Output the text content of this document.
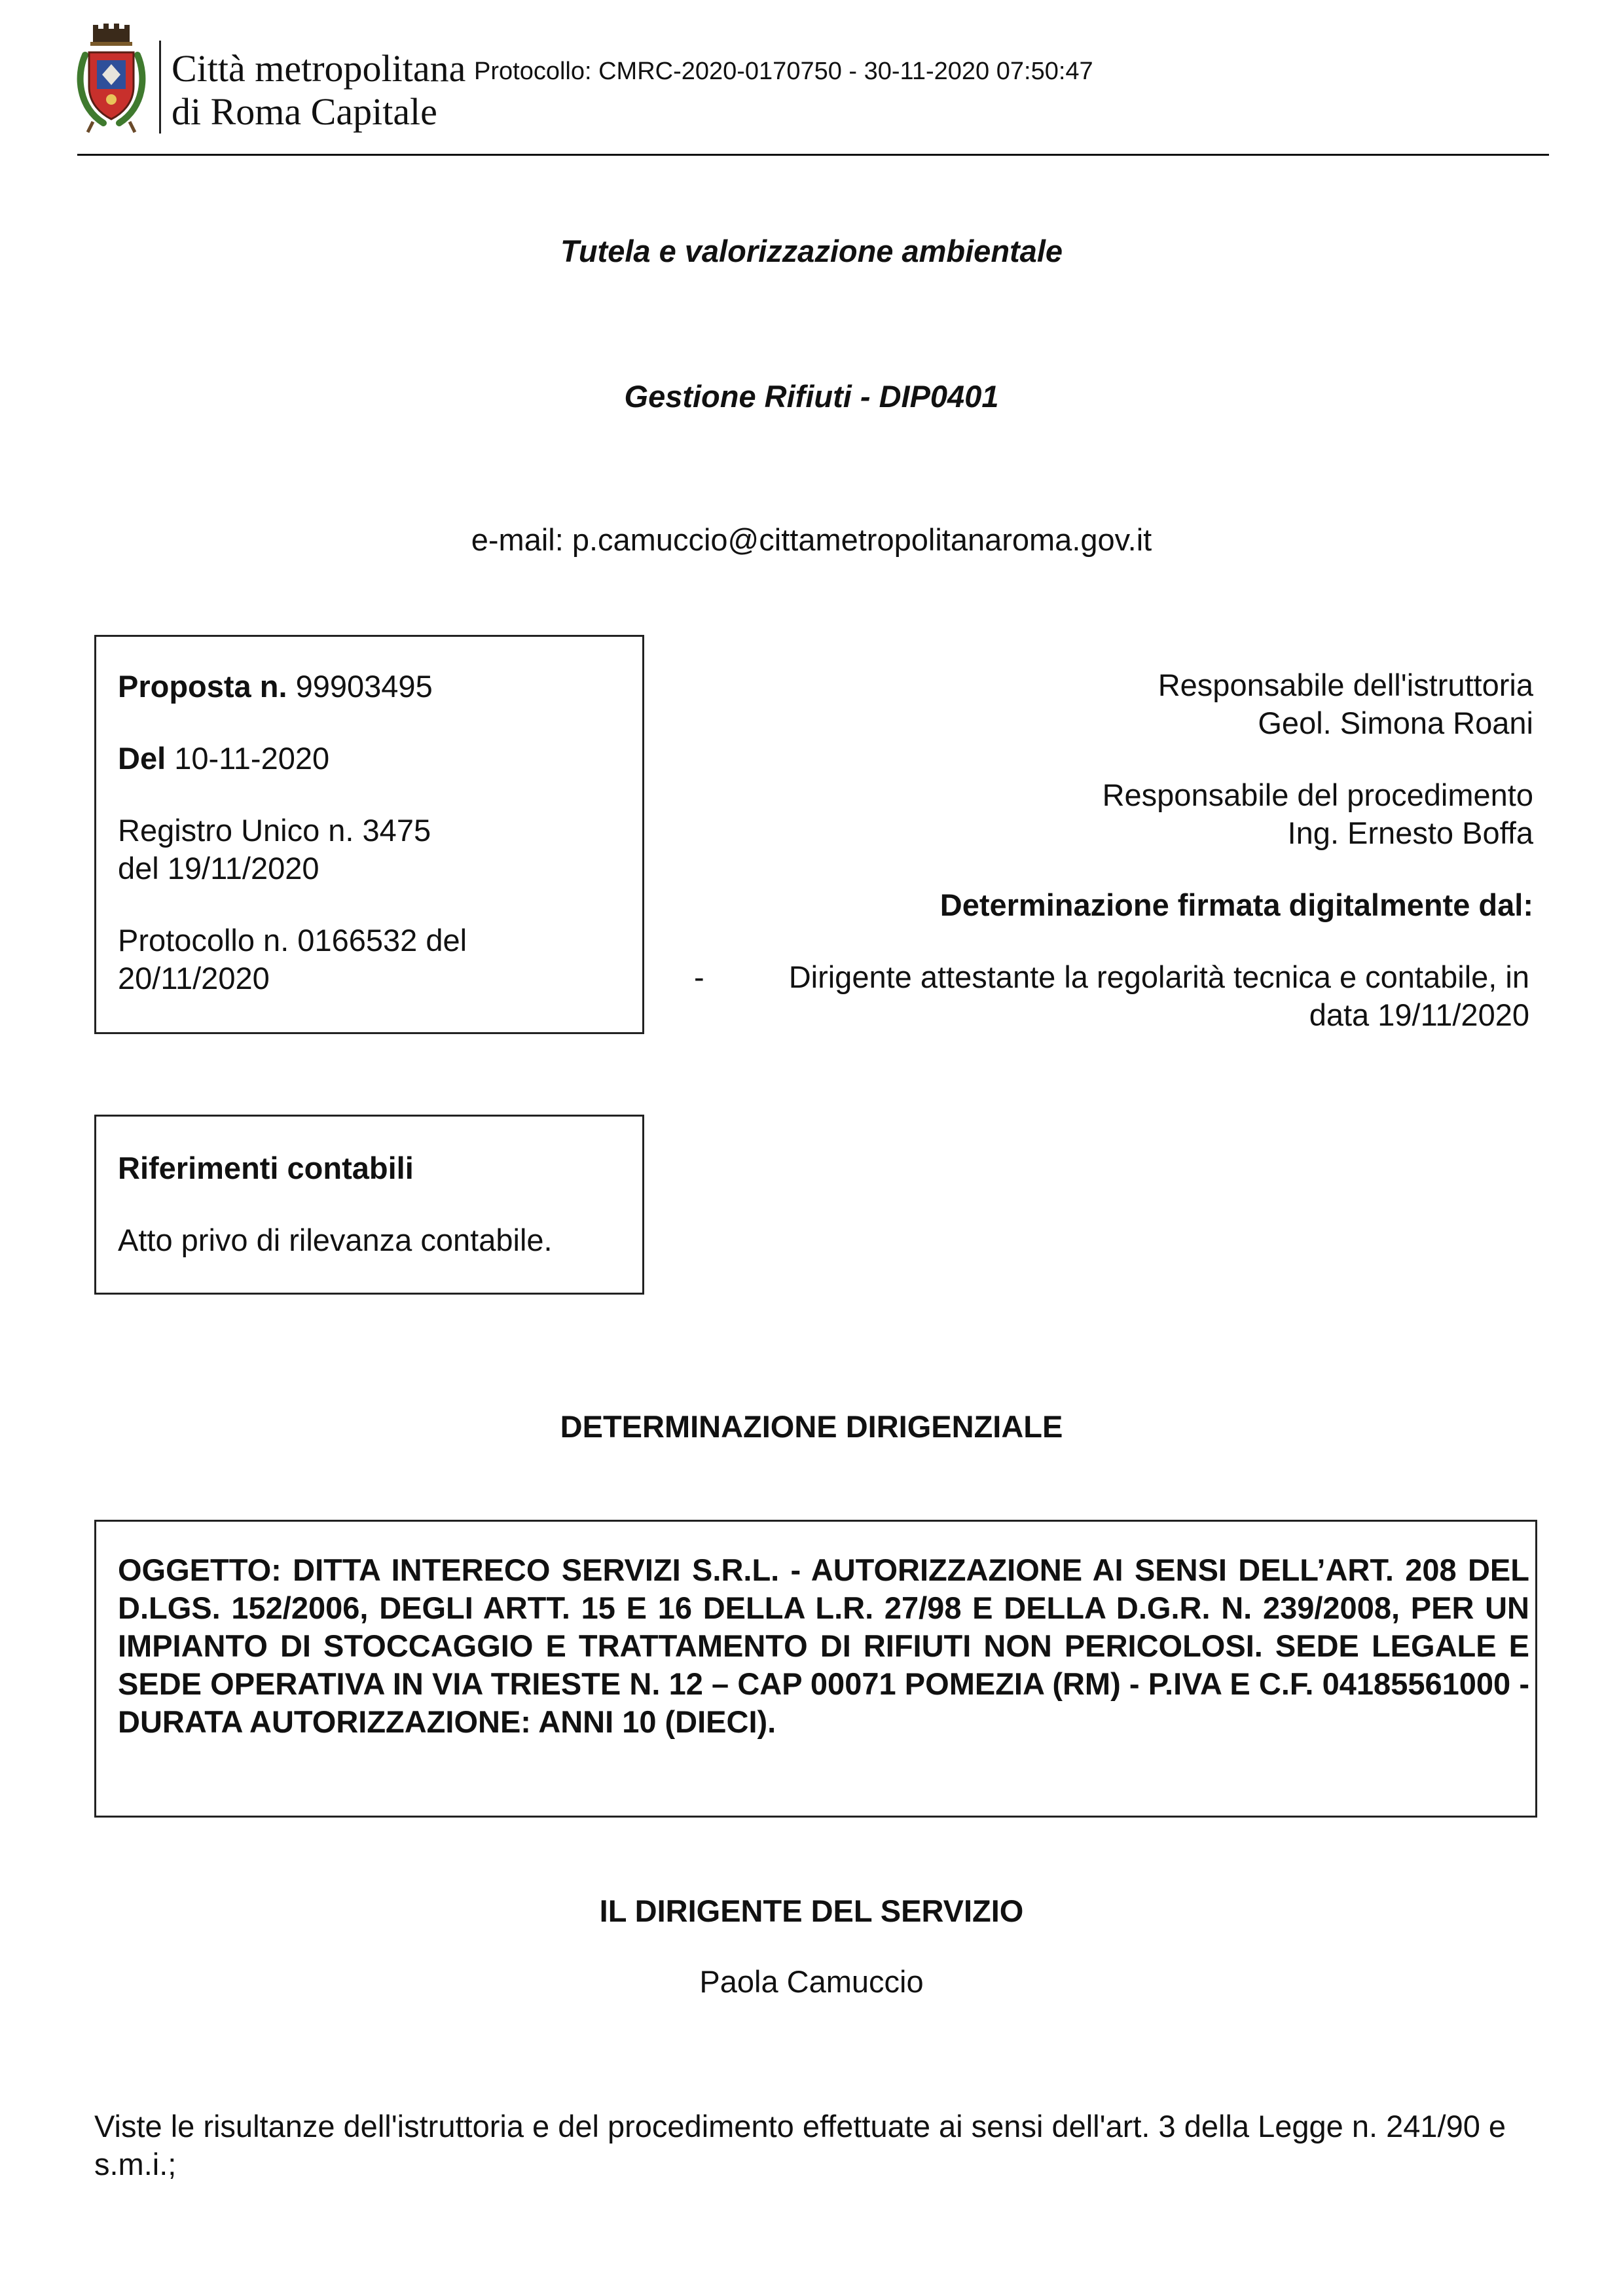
Città metropolitana
di Roma Capitale
Protocollo: CMRC-2020-0170750 - 30-11-2020 07:50:47
Tutela e valorizzazione ambientale
Gestione Rifiuti - DIP0401
e-mail: p.camuccio@cittametropolitanaroma.gov.it
Proposta n. 99903495
Del 10-11-2020
Registro Unico n. 3475
del 19/11/2020
Protocollo n. 0166532 del
20/11/2020
Responsabile dell'istruttoria
Geol. Simona Roani
Responsabile del procedimento
Ing. Ernesto Boffa
Determinazione firmata digitalmente dal:
-	Dirigente attestante la regolarità tecnica e contabile, in
data 19/11/2020
Riferimenti contabili
Atto privo di rilevanza contabile.
DETERMINAZIONE DIRIGENZIALE
OGGETTO: DITTA INTERECO SERVIZI S.R.L. - AUTORIZZAZIONE AI SENSI DELL’ART. 208 DEL D.LGS. 152/2006, DEGLI ARTT. 15 E 16 DELLA L.R. 27/98 E DELLA D.G.R. N. 239/2008, PER UN IMPIANTO DI STOCCAGGIO E TRATTAMENTO DI RIFIUTI NON PERICOLOSI. SEDE LEGALE E SEDE OPERATIVA IN VIA TRIESTE N. 12 – CAP 00071 POMEZIA (RM) - P.IVA E C.F. 04185561000 - DURATA AUTORIZZAZIONE: ANNI 10 (DIECI).
IL DIRIGENTE DEL SERVIZIO
Paola Camuccio
Viste le risultanze dell'istruttoria e del procedimento effettuate ai sensi dell'art. 3 della Legge n. 241/90 e s.m.i.;
